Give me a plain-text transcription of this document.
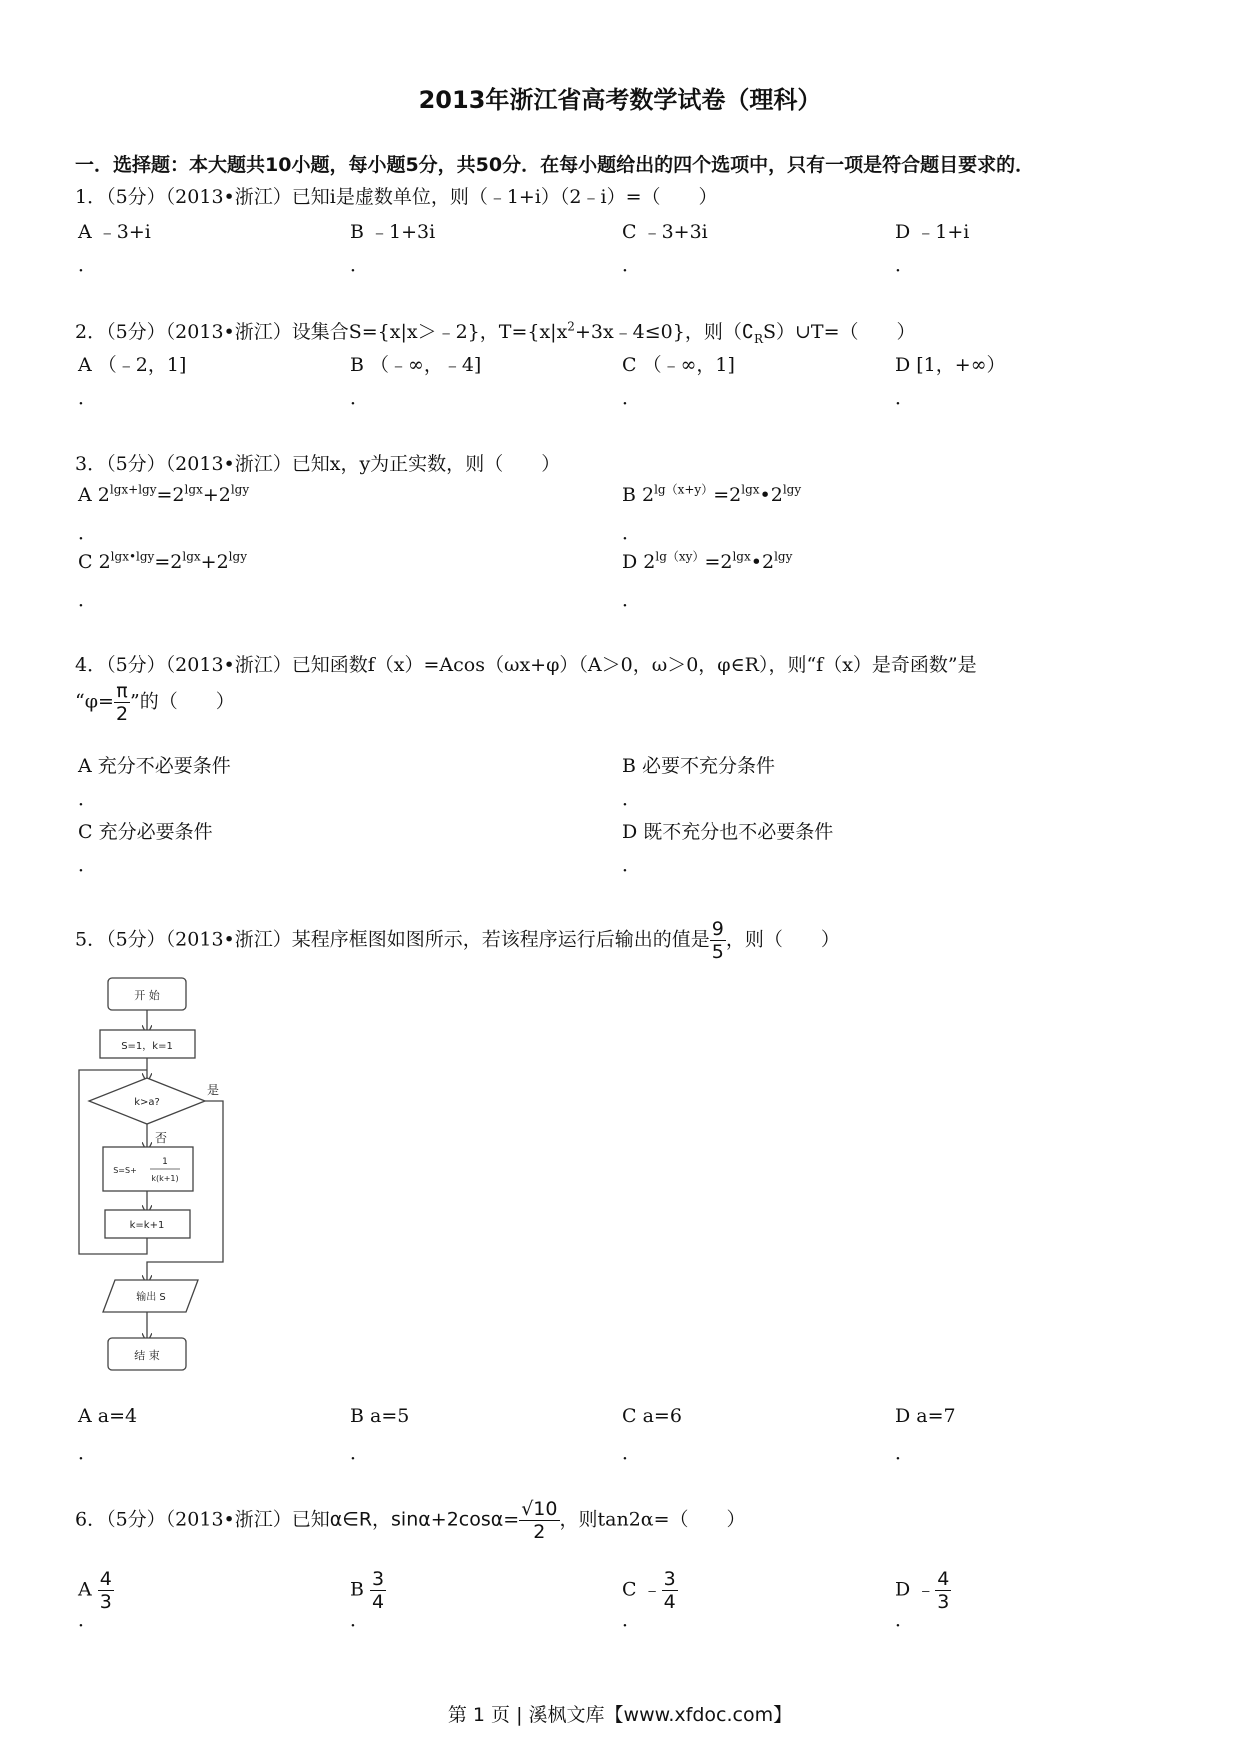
2013年浙江省高考数学试卷（理科）
一．选择题：本大题共10小题，每小题5分，共50分．在每小题给出的四个选项中，只有一项是符合题目要求的．
1．（5分）（2013•浙江）已知i是虚数单位，则（﹣1+i）（2﹣i）=（　　）
A ﹣3+i	B ﹣1+3i	C ﹣3+3i	D ﹣1+i
．	．	．	．
2．（5分）（2013•浙江）设集合S={x|x＞﹣2}，$T=\{x|x^2+3x﹣4\le 0\}$，则$(∁_RS)\cup T=$（　　）
A （﹣2，1]	B （﹣∞，﹣4]	C （﹣∞，1]	D [1，+∞）
．	．	．	．
3．（5分）（2013•浙江）已知x，y为正实数，则（　　）
A $2^{lgx+lgy}=2^{lgx}+2^{lgy}$	B $2^{lg(x+y)}=2^{lgx}•2^{lgy}$
．	．
C $2^{lgx•lgy}=2^{lgx}+2^{lgy}$	D $2^{lg(xy)}=2^{lgx}•2^{lgy}$
．	．
4．（5分）（2013•浙江）已知函数f（x）=Acos（ωx+φ）（A＞0，ω＞0，φ∈R），则“f（x）是奇函数”是
“$\varphi= \frac{\pi}{2}$ ”的（　　）
A 充分不必要条件	B 必要不充分条件
．	．
C 充分必要条件	D 既不充分也不必要条件
．	．
5．（5分）（2013•浙江）某程序框图如图所示，若该程序运行后输出的值是 $\frac{9}{5}$ ，则（　　）
开 始
S=1，k=1
k>a?
是
否
S=S+
1
k(k+1)
k=k+1
输出 S
结 束
A a=4	B a=5	C a=6	D a=7
．	．	．	．
6．（5分）（2013•浙江）已知α∈R，$\sin\alpha+2\cos\alpha= \frac{√10}{2}$ ，则tan2α=（　　）
A $\frac{4}{3}$	B $\frac{3}{4}$	C ﹣ $\frac{3}{4}$	D ﹣ $\frac{4}{3}$
．	．	．	．
第 1 页 | 溪枫文库【www.xfdoc.com】
